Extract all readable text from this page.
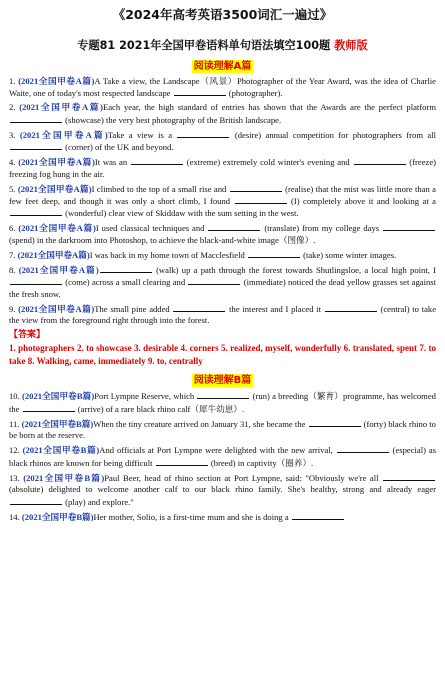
《2024年高考英语3500词汇一遍过》
专题81 2021年全国甲卷语料单句语法填空100题 教师版
阅读理解A篇

1. (2021全国甲卷A篇)A Take a view, the Landscape（风景）Photographer of the Year Award, was the idea of Charlie Waite, one of today's most respected landscape	(photographer).

2. (2021全国甲卷A篇)Each year, the high standard of entries has shown that the Awards are the perfect platform  (showcase) the very best photography of the British landscape.

3. (2021全国甲卷A篇)Take a view is a	(desire) annual competition for photographers from all  (corner) of the UK and beyond.

4. (2021全国甲卷A篇)It was an	(extreme) extremely cold winter's evening and	(freeze) freezing fog hung in the air.

5. (2021全国甲卷A篇)I climbed to the top of a small rise and	(realise) that the mist was little more than a few feet deep, and though it was only a short climb, I found	(I) completely above it and looking at a  (wonderful) clear view of Skiddaw with the sum setting in the west.

6. (2021全国甲卷A篇)I used classical techniques and	(translate) from my college days  (spend) in the darkroom into Photoshop, to achieve the black-and-white image（图像）.

7. (2021全国甲卷A篇)I was back in my home town of Macclesfield	(take) some winter images.

8. (2021全国甲卷A篇)	(walk) up a path through the forest towards Shutlingsloe, a local high point, I  (come) across a small clearing and	(immediate) noticed the dead yellow grasses set against the fresh snow.

9. (2021全国甲卷A篇)The small pine added	the interest and I placed it	(central) to take the view from the foreground right through into the forest.

【答案】

1. photographers 2. to showcase 3. desirable 4. corners 5. realized, myself, wonderfully 6. translated, spent 7. to take 8. Walking, came, immediately 9. to, centrally

阅读理解B篇

10. (2021全国甲卷B篇)Port Lympne Reserve, which	(run) a breeding（繁育）programme, has welcomed the	(arrive) of a rare black rhino calf（犀牛幼崽）.

11. (2021全国甲卷B篇)When the tiny creature arrived on January 31, she became the	(forty) black rhino to be born at the reserve.

12. (2021全国甲卷B篇)And officials at Port Lympne were delighted with the new arrival,	(especial) as black rhinos are known for being difficult	(breed) in captivity（圈养）.

13. (2021全国甲卷B篇)Paul Beer, head of rhino section at Port Lympne, said: "Obviously we're all  (absolute) delighted to welcome another calf to our black rhino family. She's healthy, strong and already eager  (play) and explore."

14. (2021全国甲卷B篇)Her mother, Solio, is a first-time mum and she is doing a
